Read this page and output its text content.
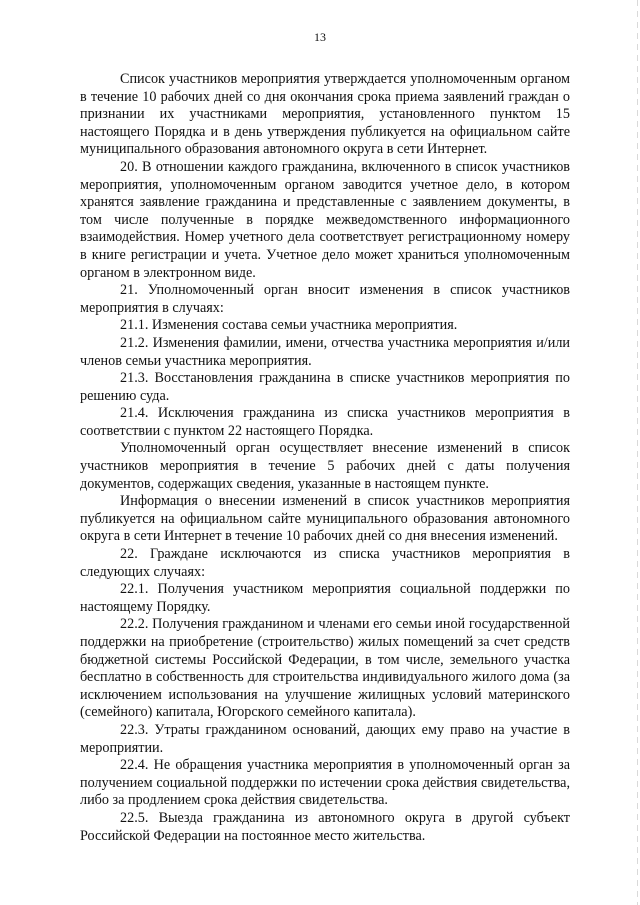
13

Список участников мероприятия утверждается уполномоченным органом в течение 10 рабочих дней со дня окончания срока приема заявлений граждан о признании их участниками мероприятия, установленного пунктом 15 настоящего Порядка и в день утверждения публикуется на официальном сайте муниципального образования автономного округа в сети Интернет.

20. В отношении каждого гражданина, включенного в список участников мероприятия, уполномоченным органом заводится учетное дело, в котором хранятся заявление гражданина и представленные с заявлением документы, в том числе полученные в порядке межведомственного информационного взаимодействия. Номер учетного дела соответствует регистрационному номеру в книге регистрации и учета. Учетное дело может храниться уполномоченным органом в электронном виде.

21. Уполномоченный орган вносит изменения в список участников мероприятия в случаях:

21.1. Изменения состава семьи участника мероприятия.

21.2. Изменения фамилии, имени, отчества участника мероприятия и/или членов семьи участника мероприятия.

21.3. Восстановления гражданина в списке участников мероприятия по решению суда.

21.4. Исключения гражданина из списка участников мероприятия в соответствии с пунктом 22 настоящего Порядка.

Уполномоченный орган осуществляет внесение изменений в список участников мероприятия в течение 5 рабочих дней с даты получения документов, содержащих сведения, указанные в настоящем пункте.

Информация о внесении изменений в список участников мероприятия публикуется на официальном сайте муниципального образования автономного округа в сети Интернет в течение 10 рабочих дней со дня внесения изменений.

22. Граждане исключаются из списка участников мероприятия в следующих случаях:

22.1. Получения участником мероприятия социальной поддержки по настоящему Порядку.

22.2. Получения гражданином и членами его семьи иной государственной поддержки на приобретение (строительство) жилых помещений за счет средств бюджетной системы Российской Федерации, в том числе, земельного участка бесплатно в собственность для строительства индивидуального жилого дома (за исключением использования на улучшение жилищных условий материнского (семейного) капитала, Югорского семейного капитала).

22.3. Утраты гражданином оснований, дающих ему право на участие в мероприятии.

22.4. Не обращения участника мероприятия в уполномоченный орган за получением социальной поддержки по истечении срока действия свидетельства, либо за продлением срока действия свидетельства.

22.5. Выезда гражданина из автономного округа в другой субъект Российской Федерации на постоянное место жительства.
